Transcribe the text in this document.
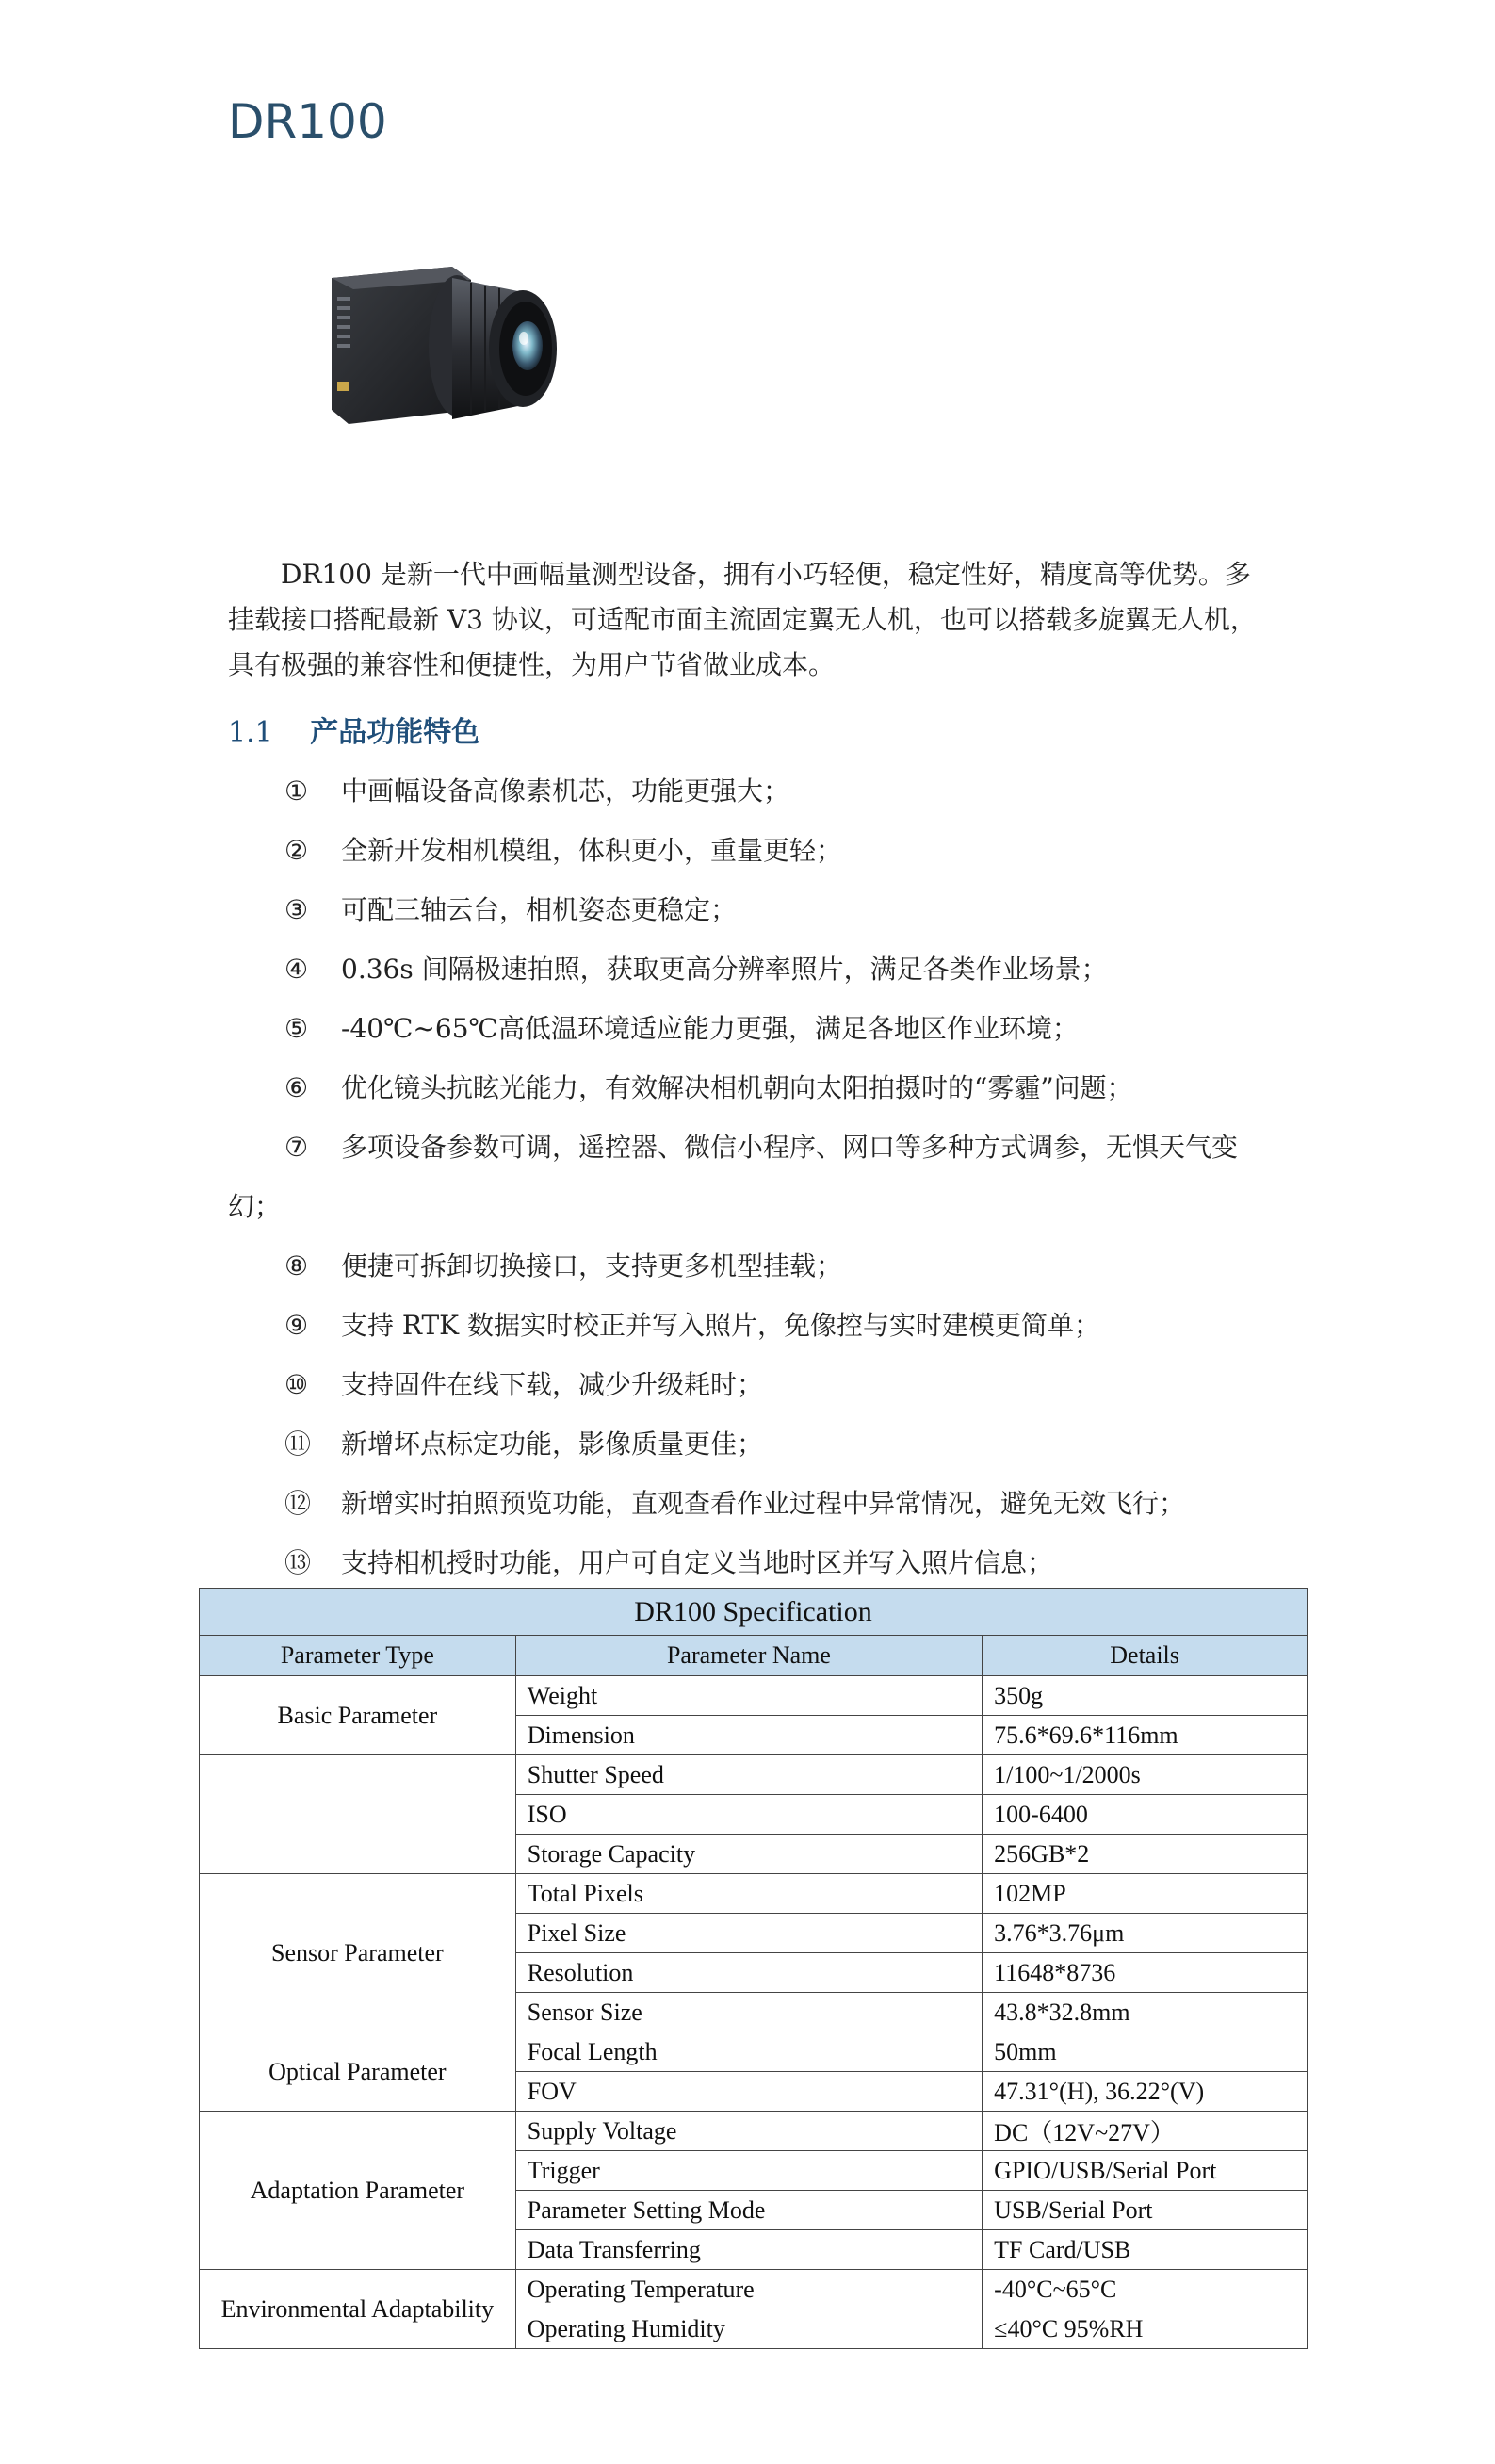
DR100
DR100 是新一代中画幅量测型设备，拥有小巧轻便，稳定性好，精度高等优势。多
挂载接口搭配最新 V3 协议，可适配市面主流固定翼无人机，也可以搭载多旋翼无人机，
具有极强的兼容性和便捷性，为用户节省做业成本。
1.1 产品功能特色
①	中画幅设备高像素机芯，功能更强大；
②	全新开发相机模组，体积更小，重量更轻；
③	可配三轴云台，相机姿态更稳定；
④	0.36s 间隔极速拍照，获取更高分辨率照片，满足各类作业场景；
⑤	-40℃~65℃高低温环境适应能力更强，满足各地区作业环境；
⑥	优化镜头抗眩光能力，有效解决相机朝向太阳拍摄时的“雾霾”问题；
⑦	多项设备参数可调，遥控器、微信小程序、网口等多种方式调参，无惧天气变
幻；
⑧	便捷可拆卸切换接口，支持更多机型挂载；
⑨	支持 RTK 数据实时校正并写入照片，免像控与实时建模更简单；
⑩	支持固件在线下载，减少升级耗时；
⑪	新增坏点标定功能，影像质量更佳；
⑫	新增实时拍照预览功能，直观查看作业过程中异常情况，避免无效飞行；
⑬	支持相机授时功能，用户可自定义当地时区并写入照片信息；
DR100 Specification		
Parameter Type	Parameter Name	Details
Basic Parameter	Weight	350g
	Dimension	75.6*69.6*116mm
	Shutter Speed	1/100~1/2000s
	ISO	100-6400
	Storage Capacity	256GB*2
Sensor Parameter	Total Pixels	102MP
	Pixel Size	3.76*3.76μm
	Resolution	11648*8736
	Sensor Size	43.8*32.8mm
Optical Parameter	Focal Length	50mm
	FOV	47.31°(H), 36.22°(V)
Adaptation Parameter	Supply Voltage	DC（12V~27V）
	Trigger	GPIO/USB/Serial Port
	Parameter Setting Mode	USB/Serial Port
	Data Transferring	TF Card/USB
Environmental Adaptability	Operating Temperature	-40°C~65°C
	Operating Humidity	≤40°C 95%RH
